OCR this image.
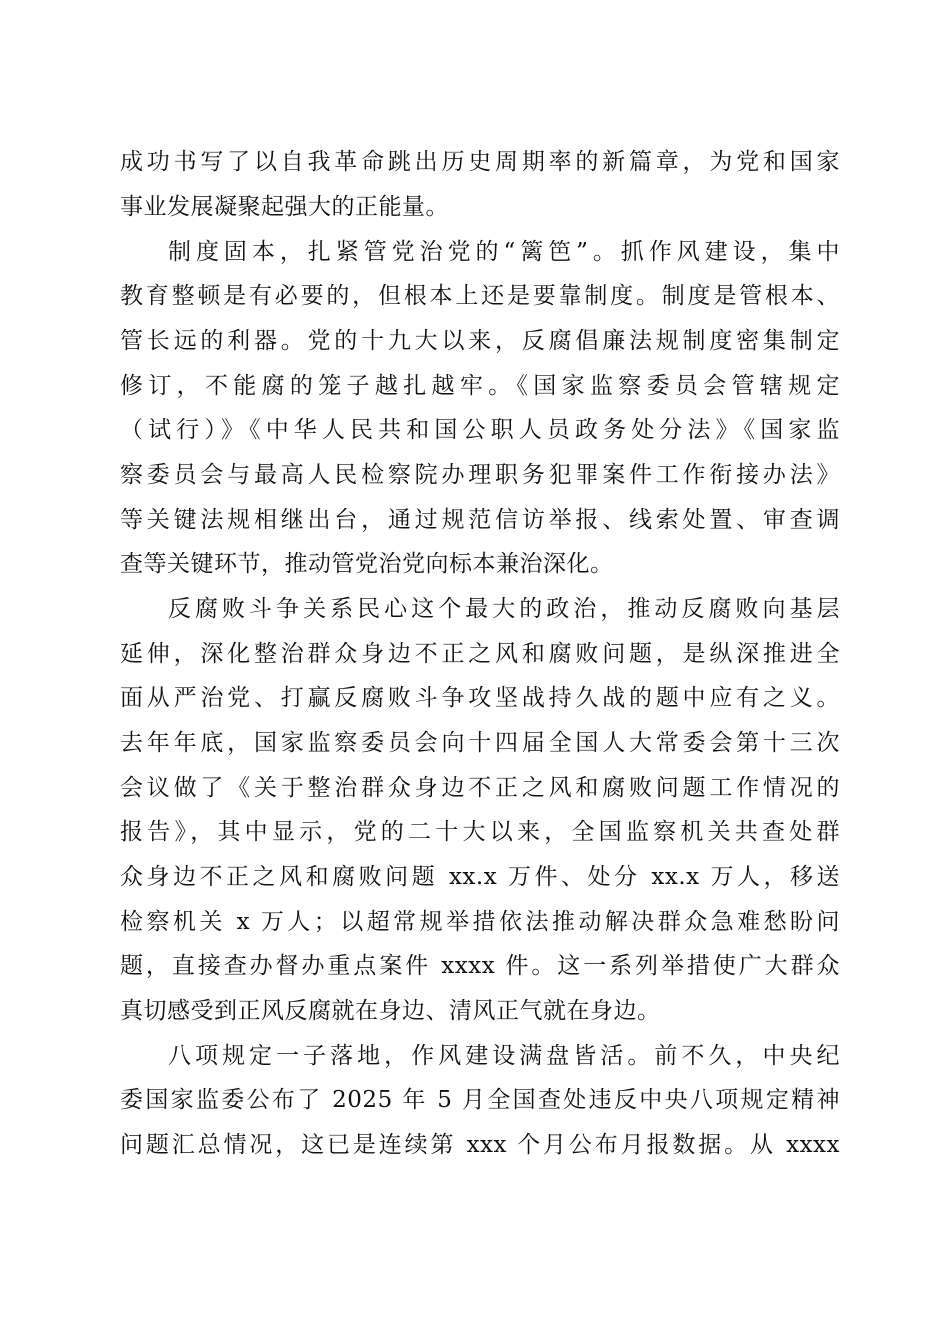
成功书写了以自我革命跳出历史周期率的新篇章，为党和国家
事业发展凝聚起强大的正能量。
制度固本，扎紧管党治党的“篱笆”。抓作风建设，集中
教育整顿是有必要的，但根本上还是要靠制度。制度是管根本、
管长远的利器。党的十九大以来，反腐倡廉法规制度密集制定
修订，不能腐的笼子越扎越牢。《国家监察委员会管辖规定
（试行）》《中华人民共和国公职人员政务处分法》《国家监
察委员会与最高人民检察院办理职务犯罪案件工作衔接办法》
等关键法规相继出台，通过规范信访举报、线索处置、审查调
查等关键环节，推动管党治党向标本兼治深化。
反腐败斗争关系民心这个最大的政治，推动反腐败向基层
延伸，深化整治群众身边不正之风和腐败问题，是纵深推进全
面从严治党、打赢反腐败斗争攻坚战持久战的题中应有之义。
去年年底，国家监察委员会向十四届全国人大常委会第十三次
会议做了《关于整治群众身边不正之风和腐败问题工作情况的
报告》，其中显示，党的二十大以来，全国监察机关共查处群
众身边不正之风和腐败问题 xx.x 万件、处分 xx.x 万人，移送
检察机关 x 万人；以超常规举措依法推动解决群众急难愁盼问
题，直接查办督办重点案件 xxxx 件。这一系列举措使广大群众
真切感受到正风反腐就在身边、清风正气就在身边。
八项规定一子落地，作风建设满盘皆活。前不久，中央纪
委国家监委公布了 2025 年 5 月全国查处违反中央八项规定精神
问题汇总情况，这已是连续第 xxx 个月公布月报数据。从 xxxx
